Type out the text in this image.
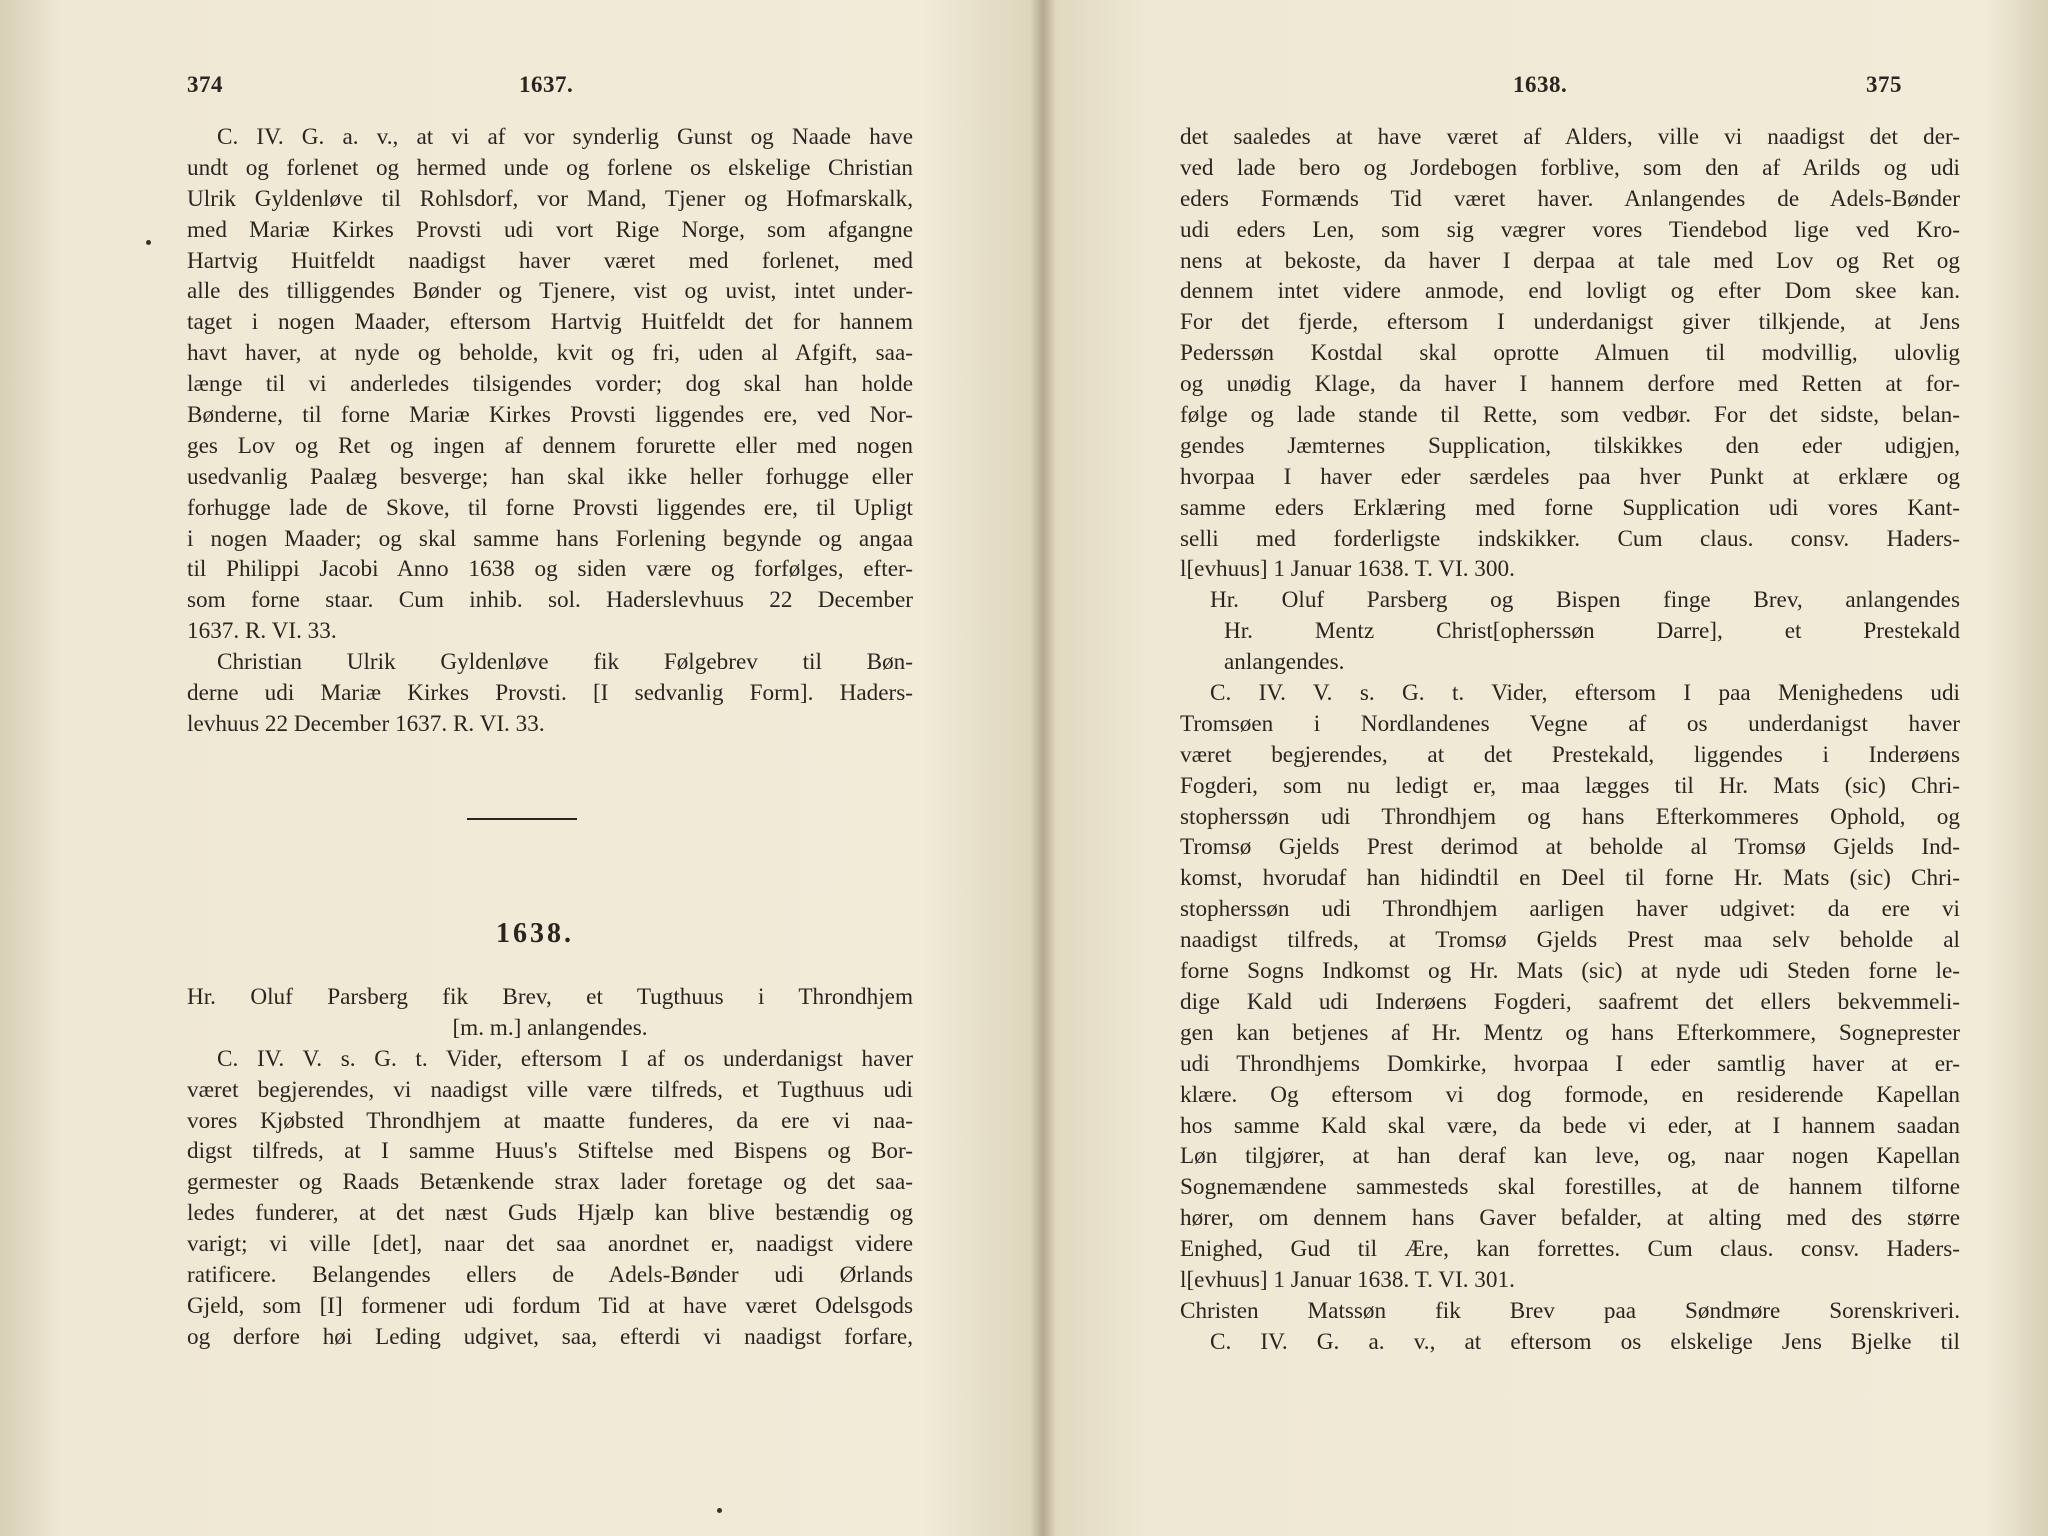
374	1637.
C. IV. G. a. v., at vi af vor synderlig Gunst og Naade have
undt og forlenet og hermed unde og forlene os elskelige Christian
Ulrik Gyldenløve til Rohlsdorf, vor Mand, Tjener og Hofmarskalk,
med Mariæ Kirkes Provsti udi vort Rige Norge, som afgangne
Hartvig Huitfeldt naadigst haver været med forlenet, med
alle des tilliggendes Bønder og Tjenere, vist og uvist, intet under-
taget i nogen Maader, eftersom Hartvig Huitfeldt det for hannem
havt haver, at nyde og beholde, kvit og fri, uden al Afgift, saa-
længe til vi anderledes tilsigendes vorder; dog skal han holde
Bønderne, til forne Mariæ Kirkes Provsti liggendes ere, ved Nor-
ges Lov og Ret og ingen af dennem forurette eller med nogen
usedvanlig Paalæg besverge; han skal ikke heller forhugge eller
forhugge lade de Skove, til forne Provsti liggendes ere, til Upligt
i nogen Maader; og skal samme hans Forlening begynde og angaa
til Philippi Jacobi Anno 1638 og siden være og forfølges, efter-
som forne staar. Cum inhib. sol. Haderslevhuus 22 December
1637. R. VI. 33.
Christian Ulrik Gyldenløve fik Følgebrev til Bøn-
derne udi Mariæ Kirkes Provsti. [I sedvanlig Form]. Haders-
levhuus 22 December 1637. R. VI. 33.
1638.
Hr. Oluf Parsberg fik Brev, et Tugthuus i Throndhjem
[m. m.] anlangendes.
C. IV. V. s. G. t. Vider, eftersom I af os underdanigst haver
været begjerendes, vi naadigst ville være tilfreds, et Tugthuus udi
vores Kjøbsted Throndhjem at maatte funderes, da ere vi naa-
digst tilfreds, at I samme Huus's Stiftelse med Bispens og Bor-
germester og Raads Betænkende strax lader foretage og det saa-
ledes funderer, at det næst Guds Hjælp kan blive bestændig og
varigt; vi ville [det], naar det saa anordnet er, naadigst videre
ratificere. Belangendes ellers de Adels-Bønder udi Ørlands
Gjeld, som [I] formener udi fordum Tid at have været Odelsgods
og derfore høi Leding udgivet, saa, efterdi vi naadigst forfare,
1638.	375
det saaledes at have været af Alders, ville vi naadigst det der-
ved lade bero og Jordebogen forblive, som den af Arilds og udi
eders Formænds Tid været haver. Anlangendes de Adels-Bønder
udi eders Len, som sig vægrer vores Tiendebod lige ved Kro-
nens at bekoste, da haver I derpaa at tale med Lov og Ret og
dennem intet videre anmode, end lovligt og efter Dom skee kan.
For det fjerde, eftersom I underdanigst giver tilkjende, at Jens
Pederssøn Kostdal skal oprotte Almuen til modvillig, ulovlig
og unødig Klage, da haver I hannem derfore med Retten at for-
følge og lade stande til Rette, som vedbør. For det sidste, belan-
gendes Jæmternes Supplication, tilskikkes den eder udigjen,
hvorpaa I haver eder særdeles paa hver Punkt at erklære og
samme eders Erklæring med forne Supplication udi vores Kant-
selli med forderligste indskikker. Cum claus. consv. Haders-
l[evhuus] 1 Januar 1638. T. VI. 300.
Hr. Oluf Parsberg og Bispen finge Brev, anlangendes
Hr. Mentz Christ[opherssøn Darre], et Prestekald
anlangendes.
C. IV. V. s. G. t. Vider, eftersom I paa Menighedens udi
Tromsøen i Nordlandenes Vegne af os underdanigst haver
været begjerendes, at det Prestekald, liggendes i Inderøens
Fogderi, som nu ledigt er, maa lægges til Hr. Mats (sic) Chri-
stopherssøn udi Throndhjem og hans Efterkommeres Ophold, og
Tromsø Gjelds Prest derimod at beholde al Tromsø Gjelds Ind-
komst, hvorudaf han hidindtil en Deel til forne Hr. Mats (sic) Chri-
stopherssøn udi Throndhjem aarligen haver udgivet: da ere vi
naadigst tilfreds, at Tromsø Gjelds Prest maa selv beholde al
forne Sogns Indkomst og Hr. Mats (sic) at nyde udi Steden forne le-
dige Kald udi Inderøens Fogderi, saafremt det ellers bekvemmeli-
gen kan betjenes af Hr. Mentz og hans Efterkommere, Sogneprester
udi Throndhjems Domkirke, hvorpaa I eder samtlig haver at er-
klære. Og eftersom vi dog formode, en residerende Kapellan
hos samme Kald skal være, da bede vi eder, at I hannem saadan
Løn tilgjører, at han deraf kan leve, og, naar nogen Kapellan
Sognemændene sammesteds skal forestilles, at de hannem tilforne
hører, om dennem hans Gaver befalder, at alting med des større
Enighed, Gud til Ære, kan forrettes. Cum claus. consv. Haders-
l[evhuus] 1 Januar 1638. T. VI. 301.
Christen Matssøn fik Brev paa Søndmøre Sorenskriveri.
C. IV. G. a. v., at eftersom os elskelige Jens Bjelke til
